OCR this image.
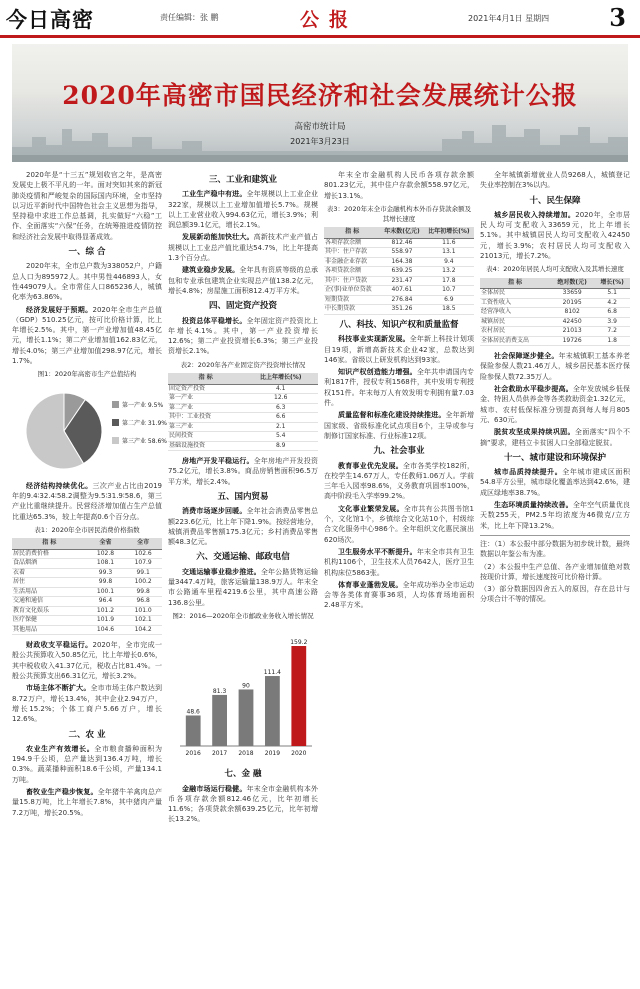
今日高密	责任编辑：张 鹏	公报	2021年4月1日 星期四	3
2020年高密市国民经济和社会发展统计公报
高密市统计局
2021年3月23日

2020年是“十三五”规划收官之年，是高密发展史上极不平凡的一年。面对突如其来的新冠肺炎疫情和严峻复杂的国际国内环境，全市坚持以习近平新时代中国特色社会主义思想为指导，坚持稳中求进工作总基调，扎实做好“六稳”工作、全面落实“六保”任务，在统筹推进疫情防控和经济社会发展中取得显著成效。

一、综 合

2020年末，全市总户数为338052户，户籍总人口为895972人。其中男性446893人，女性449079人。全市常住人口865236人，城镇化率为63.86%。

经济发展好于预期。2020年全市生产总值（GDP）510.25亿元，按可比价格计算，比上年增长2.5%。其中，第一产业增加值48.45亿元，增长1.1%；第二产业增加值162.83亿元，增长4.0%；第三产业增加值298.97亿元，增长1.7%。

图1：2020年高密市生产总值结构
第一产业 9.5%
第二产业 31.9%
第三产业 58.6%

经济结构持续优化。三次产业占比由2019年的9.4∶32.4∶58.2调整为9.5∶31.9∶58.6，第三产业比重继续提升。民营经济增加值占生产总值比重达65.3%，较上年提高0.6个百分点。

表1：2020年全市居民消费价格指数
指 标	全省	全市
居民消费价格	102.8	102.6
食品烟酒	108.1	107.9
衣着	99.3	99.1
居住	99.8	100.2
生活用品	100.1	99.8
交通和通信	96.4	96.8
教育文化娱乐	101.2	101.0
医疗保健	101.9	102.1
其他用品	104.6	104.2

财政收支平稳运行。2020年，全市完成一般公共预算收入50.85亿元，比上年增长0.6%，其中税收收入41.37亿元，税收占比81.4%。一般公共预算支出66.31亿元，增长3.2%。

市场主体不断扩大。全市市场主体户数达到8.72万户，增长13.4%，其中企业2.94万户，增长15.2%；个体工商户5.66万户，增长12.6%。

二、农 业

农业生产有效增长。全市粮食播种面积为194.9千公顷，总产量达到136.4万吨，增长0.3%。蔬菜播种面积18.6千公顷，产量134.1万吨。

畜牧业生产稳步恢复。全年猪牛羊禽肉总产量15.8万吨，比上年增长7.8%，其中猪肉产量7.2万吨，增长20.5%。

三、工业和建筑业

工业生产稳中有进。全年规模以上工业企业322家，规模以上工业增加值增长5.7%。规模以上工业营业收入994.63亿元，增长3.9%；利润总额39.1亿元，增长2.1%。

发展新动能加快壮大。高新技术产业产值占规模以上工业总产值比重达54.7%，比上年提高1.3个百分点。

建筑业稳步发展。全年具有资质等级的总承包和专业承包建筑企业实现总产值138.2亿元，增长4.8%；房屋施工面积812.4万平方米。

四、固定资产投资

投资总体平稳增长。全年固定资产投资比上年增长4.1%。其中，第一产业投资增长12.6%；第二产业投资增长6.3%；第三产业投资增长2.1%。

表2：2020年各产业固定资产投资增长情况
指 标	比上年增长(%)
固定资产投资	4.1
第一产业	12.6
第二产业	6.3
其中：工业投资	6.6
第三产业	2.1
民间投资	5.4
基础设施投资	8.9

房地产开发平稳运行。全年房地产开发投资75.2亿元，增长3.8%。商品房销售面积96.5万平方米，增长2.4%。

五、国内贸易

消费市场逐步回暖。全年社会消费品零售总额223.6亿元，比上年下降1.9%。按经营地分，城镇消费品零售额175.3亿元；乡村消费品零售额48.3亿元。

六、交通运输、邮政电信

交通运输事业稳步推进。全年公路货物运输量3447.4万吨，旅客运输量138.9万人。年末全市公路通车里程4219.6公里，其中高速公路136.8公里。

图2：2016—2020年全市邮政业务收入增长情况
48.6
2016
81.3
2017
90
2018
111.4
2019
159.2
2020
七、金 融

金融市场运行稳健。年末全市金融机构本外币各项存款余额812.46亿元，比年初增长11.6%；各项贷款余额639.25亿元，比年初增长13.2%。

年末全市金融机构人民币各项存款余额801.23亿元，其中住户存款余额558.97亿元，增长13.1%。

表3：2020年末全市金融机构本外币存贷款余额及其增长速度
指 标	年末数(亿元)	比年初增长(%)
各项存款余额	812.46	11.6
其中：住户存款	558.97	13.1
非金融企业存款	164.38	9.4
各项贷款余额	639.25	13.2
其中：住户贷款	231.47	17.8
企(事)业单位贷款	407.61	10.7
短期贷款	276.84	6.9
中长期贷款	351.26	18.5
八、科技、知识产权和质量监督

科技事业实现新发展。全年新上科技计划项目19项，新增高新技术企业42家，总数达到146家。省级以上研发机构达到93家。

知识产权创造能力增强。全年共申请国内专利1817件，授权专利1568件，其中发明专利授权151件。年末每万人有效发明专利拥有量7.03件。

质量监督和标准化建设持续推进。全年新增国家级、省级标准化试点项目6个，主导或参与制修订国家标准、行业标准12项。

九、社会事业

教育事业优先发展。全市各类学校182所，在校学生14.67万人，专任教师1.06万人。学前三年毛入园率98.6%，义务教育巩固率100%，高中阶段毛入学率99.2%。

文化事业繁荣发展。全市共有公共图书馆1个，文化馆1个，乡镇综合文化站10个，村级综合文化服务中心986个。全年组织文化惠民演出620场次。

卫生服务水平不断提升。年末全市共有卫生机构1106个，卫生技术人员7642人，医疗卫生机构床位5863张。

体育事业蓬勃发展。全年成功举办全市运动会等各类体育赛事36项，人均体育场地面积2.48平方米。

全年城镇新增就业人员9268人，城镇登记失业率控制在3%以内。

十、民生保障

城乡居民收入持续增加。2020年，全市居民人均可支配收入33659元，比上年增长5.1%。其中城镇居民人均可支配收入42450元，增长3.9%；农村居民人均可支配收入21013元，增长7.2%。

表4：2020年居民人均可支配收入及其增长速度
指 标	绝对数(元)	增长(%)
全体居民	33659	5.1
工资性收入	20195	4.2
经营净收入	8102	6.8
城镇居民	42450	3.9
农村居民	21013	7.2
全体居民消费支出	19726	1.8

社会保障逐步健全。年末城镇职工基本养老保险参保人数21.46万人，城乡居民基本医疗保险参保人数72.35万人。

社会救助水平稳步提高。全年发放城乡低保金、特困人员供养金等各类救助资金1.32亿元，城市、农村低保标准分别提高到每人每月805元、630元。

脱贫攻坚成果持续巩固。全面落实“四个不摘”要求，建档立卡贫困人口全部稳定脱贫。

十一、城市建设和环境保护

城市品质持续提升。全年城市建成区面积54.8平方公里，城市绿化覆盖率达到42.6%，建成区绿地率38.7%。

生态环境质量持续改善。全年空气质量优良天数255天，PM2.5年均浓度为46微克/立方米，比上年下降13.2%。

注：（1）本公报中部分数据为初步统计数，最终数据以年鉴公布为准。

（2）本公报中生产总值、各产业增加值绝对数按现价计算，增长速度按可比价格计算。

（3）部分数据因四舍五入的原因，存在总计与分项合计不等的情况。
